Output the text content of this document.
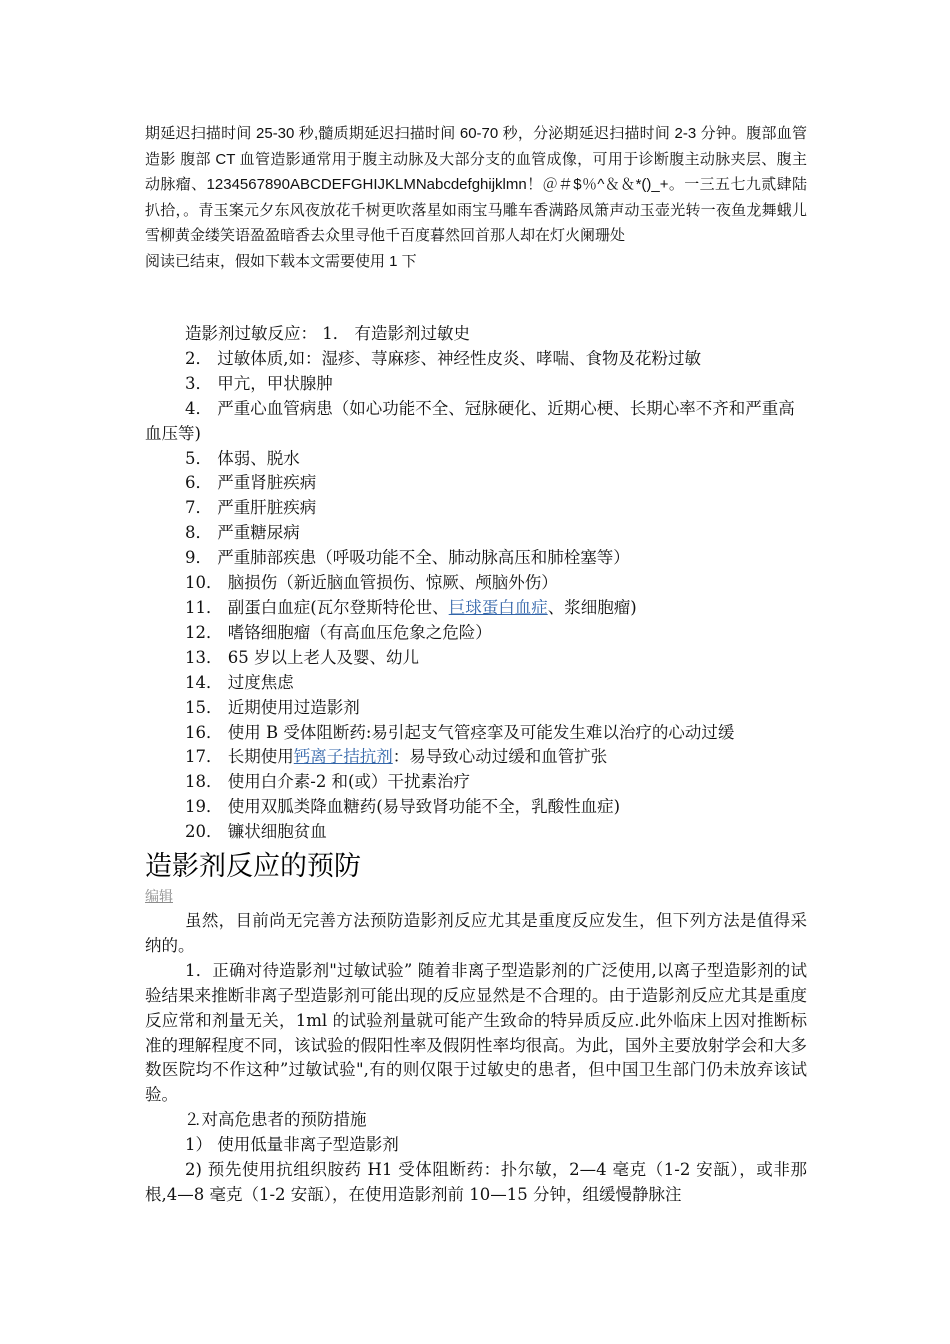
期延迟扫描时间 25-30 秒,髓质期延迟扫描时间 60-70 秒，分泌期延迟扫描时间 2-3 分钟。腹部血管造影 腹部 CT 血管造影通常用于腹主动脉及大部分支的血管成像，可用于诊断腹主动脉夹层、腹主动脉瘤、1234567890ABCDEFGHIJKLMNabcdefghijklmn！＠＃$％^＆＆*()_+。一三五七九贰肆陆扒拾，。青玉案元夕东风夜放花千树更吹落星如雨宝马雕车香满路凤箫声动玉壶光转一夜鱼龙舞蛾儿雪柳黄金缕笑语盈盈暗香去众里寻他千百度暮然回首那人却在灯火阑珊处

阅读已结束，假如下载本文需要使用 1 下

造影剂过敏反应： 1． 有造影剂过敏史

2． 过敏体质,如：湿疹、荨麻疹、神经性皮炎、哮喘、食物及花粉过敏

3． 甲亢，甲状腺肿

4． 严重心血管病患（如心功能不全、冠脉硬化、近期心梗、长期心率不齐和严重高血压等)

5． 体弱、脱水

6． 严重肾脏疾病

7． 严重肝脏疾病

8． 严重糖尿病

9． 严重肺部疾患（呼吸功能不全、肺动脉高压和肺栓塞等）

10． 脑损伤（新近脑血管损伤、惊厥、颅脑外伤）

11． 副蛋白血症(瓦尔登斯特伦世、巨球蛋白血症、浆细胞瘤)

12． 嗜铬细胞瘤（有高血压危象之危险）

13． 65 岁以上老人及婴、幼儿

14． 过度焦虑

15． 近期使用过造影剂

16． 使用 B 受体阻断药:易引起支气管痉挛及可能发生难以治疗的心动过缓

17． 长期使用钙离子拮抗剂：易导致心动过缓和血管扩张

18． 使用白介素-2 和(或）干扰素治疗

19． 使用双胍类降血糖药(易导致肾功能不全，乳酸性血症)

20． 镰状细胞贫血

造影剂反应的预防
编辑

虽然，目前尚无完善方法预防造影剂反应尤其是重度反应发生，但下列方法是值得采纳的。

1．正确对待造影剂"过敏试验” 随着非离子型造影剂的广泛使用,以离子型造影剂的试验结果来推断非离子型造影剂可能出现的反应显然是不合理的。由于造影剂反应尤其是重度反应常和剂量无关，1ml 的试验剂量就可能产生致命的特异质反应.此外临床上因对推断标准的理解程度不同，该试验的假阳性率及假阴性率均很高。为此，国外主要放射学会和大多数医院均不作这种”过敏试验",有的则仅限于过敏史的患者，但中国卫生部门仍未放弃该试验。

⒉对高危患者的预防措施

1） 使用低量非离子型造影剂

2) 预先使用抗组织胺药 H1 受体阻断药：扑尔敏，2—4 毫克（1-2 安瓿），或非那根,4—8 毫克（1-2 安瓿），在使用造影剂前 10—15 分钟，组缓慢静脉注
